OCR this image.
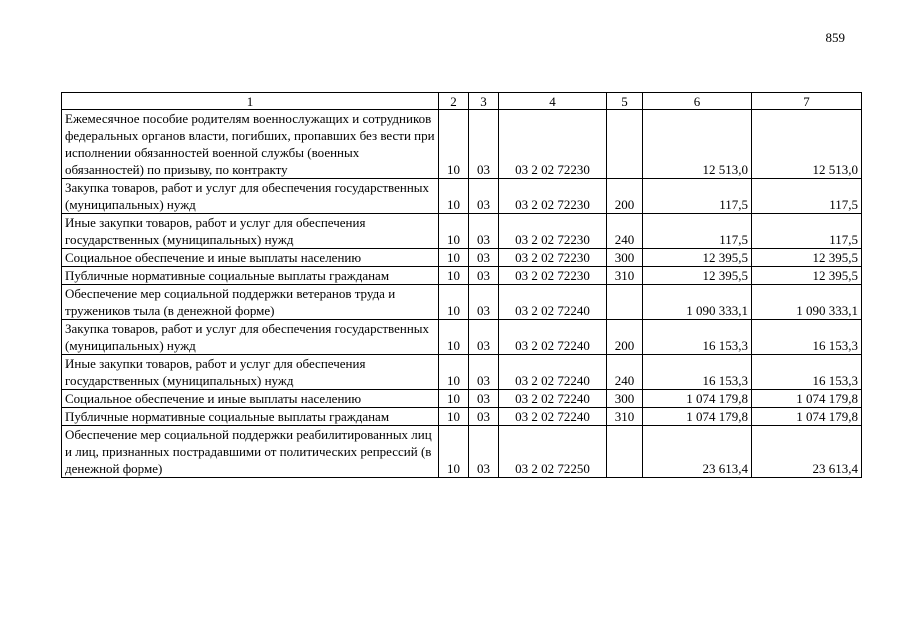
859
1	2	3	4	5	6	7
Ежемесячное пособие родителям военнослужащих и сотрудников федеральных органов власти, погибших, пропавших без вести при исполнении обязанностей военной службы (военных обязанностей) по призыву, по контракту	10	03	03 2 02 72230		12 513,0	12 513,0
Закупка товаров, работ и услуг для обеспечения государственных (муниципальных) нужд	10	03	03 2 02 72230	200	117,5	117,5
Иные закупки товаров, работ и услуг для обеспечения государственных (муниципальных) нужд	10	03	03 2 02 72230	240	117,5	117,5
Социальное обеспечение и иные выплаты населению	10	03	03 2 02 72230	300	12 395,5	12 395,5
Публичные нормативные социальные выплаты гражданам	10	03	03 2 02 72230	310	12 395,5	12 395,5
Обеспечение мер социальной поддержки ветеранов труда и тружеников тыла (в денежной форме)	10	03	03 2 02 72240		1 090 333,1	1 090 333,1
Закупка товаров, работ и услуг для обеспечения государственных (муниципальных) нужд	10	03	03 2 02 72240	200	16 153,3	16 153,3
Иные закупки товаров, работ и услуг для обеспечения государственных (муниципальных) нужд	10	03	03 2 02 72240	240	16 153,3	16 153,3
Социальное обеспечение и иные выплаты населению	10	03	03 2 02 72240	300	1 074 179,8	1 074 179,8
Публичные нормативные социальные выплаты гражданам	10	03	03 2 02 72240	310	1 074 179,8	1 074 179,8
Обеспечение мер социальной поддержки реабилитированных лиц и лиц, признанных пострадавшими от политических репрессий (в денежной форме)	10	03	03 2 02 72250		23 613,4	23 613,4
